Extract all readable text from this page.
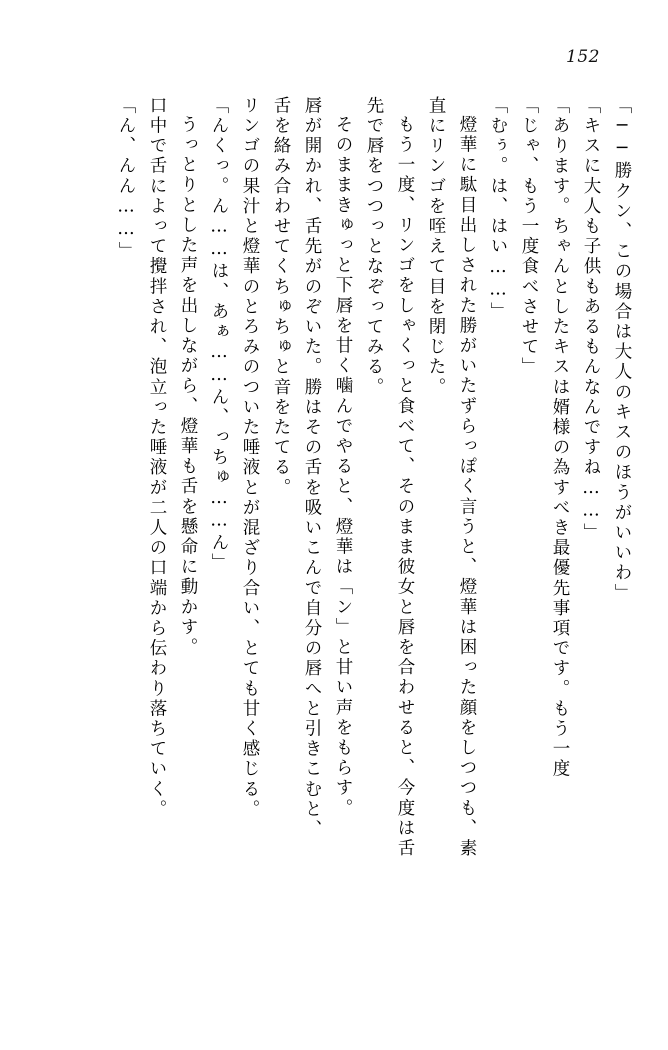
152
「──勝クン、この場合は大人のキスのほうがいいわ」
「キスに大人も子供もあるもんなんですね……」
「あります。ちゃんとしたキスは婿様の為すべき最優先事項です。もう一度
「じゃ、もう一度食べさせて」
「むぅ。は、はい……」
燈華に駄目出しされた勝がいたずらっぽく言うと、燈華は困った顔をしつつも、素
直にリンゴを咥えて目を閉じた。
もう一度、リンゴをしゃくっと食べて、そのまま彼女と唇を合わせると、今度は舌
先で唇をつつっとなぞってみる。
そのままきゅっと下唇を甘く噛んでやると、燈華は「ン」と甘い声をもらす。
唇が開かれ、舌先がのぞいた。勝はその舌を吸いこんで自分の唇へと引きこむと、
舌を絡み合わせてくちゅちゅと音をたてる。
リンゴの果汁と燈華のとろみのついた唾液とが混ざり合い、とても甘く感じる。
「んくっ。ん……は、あぁ……ん、っちゅ……ん」
うっとりとした声を出しながら、燈華も舌を懸命に動かす。
口中で舌によって攪拌され、泡立った唾液が二人の口端から伝わり落ちていく。
「ん、んん……」
